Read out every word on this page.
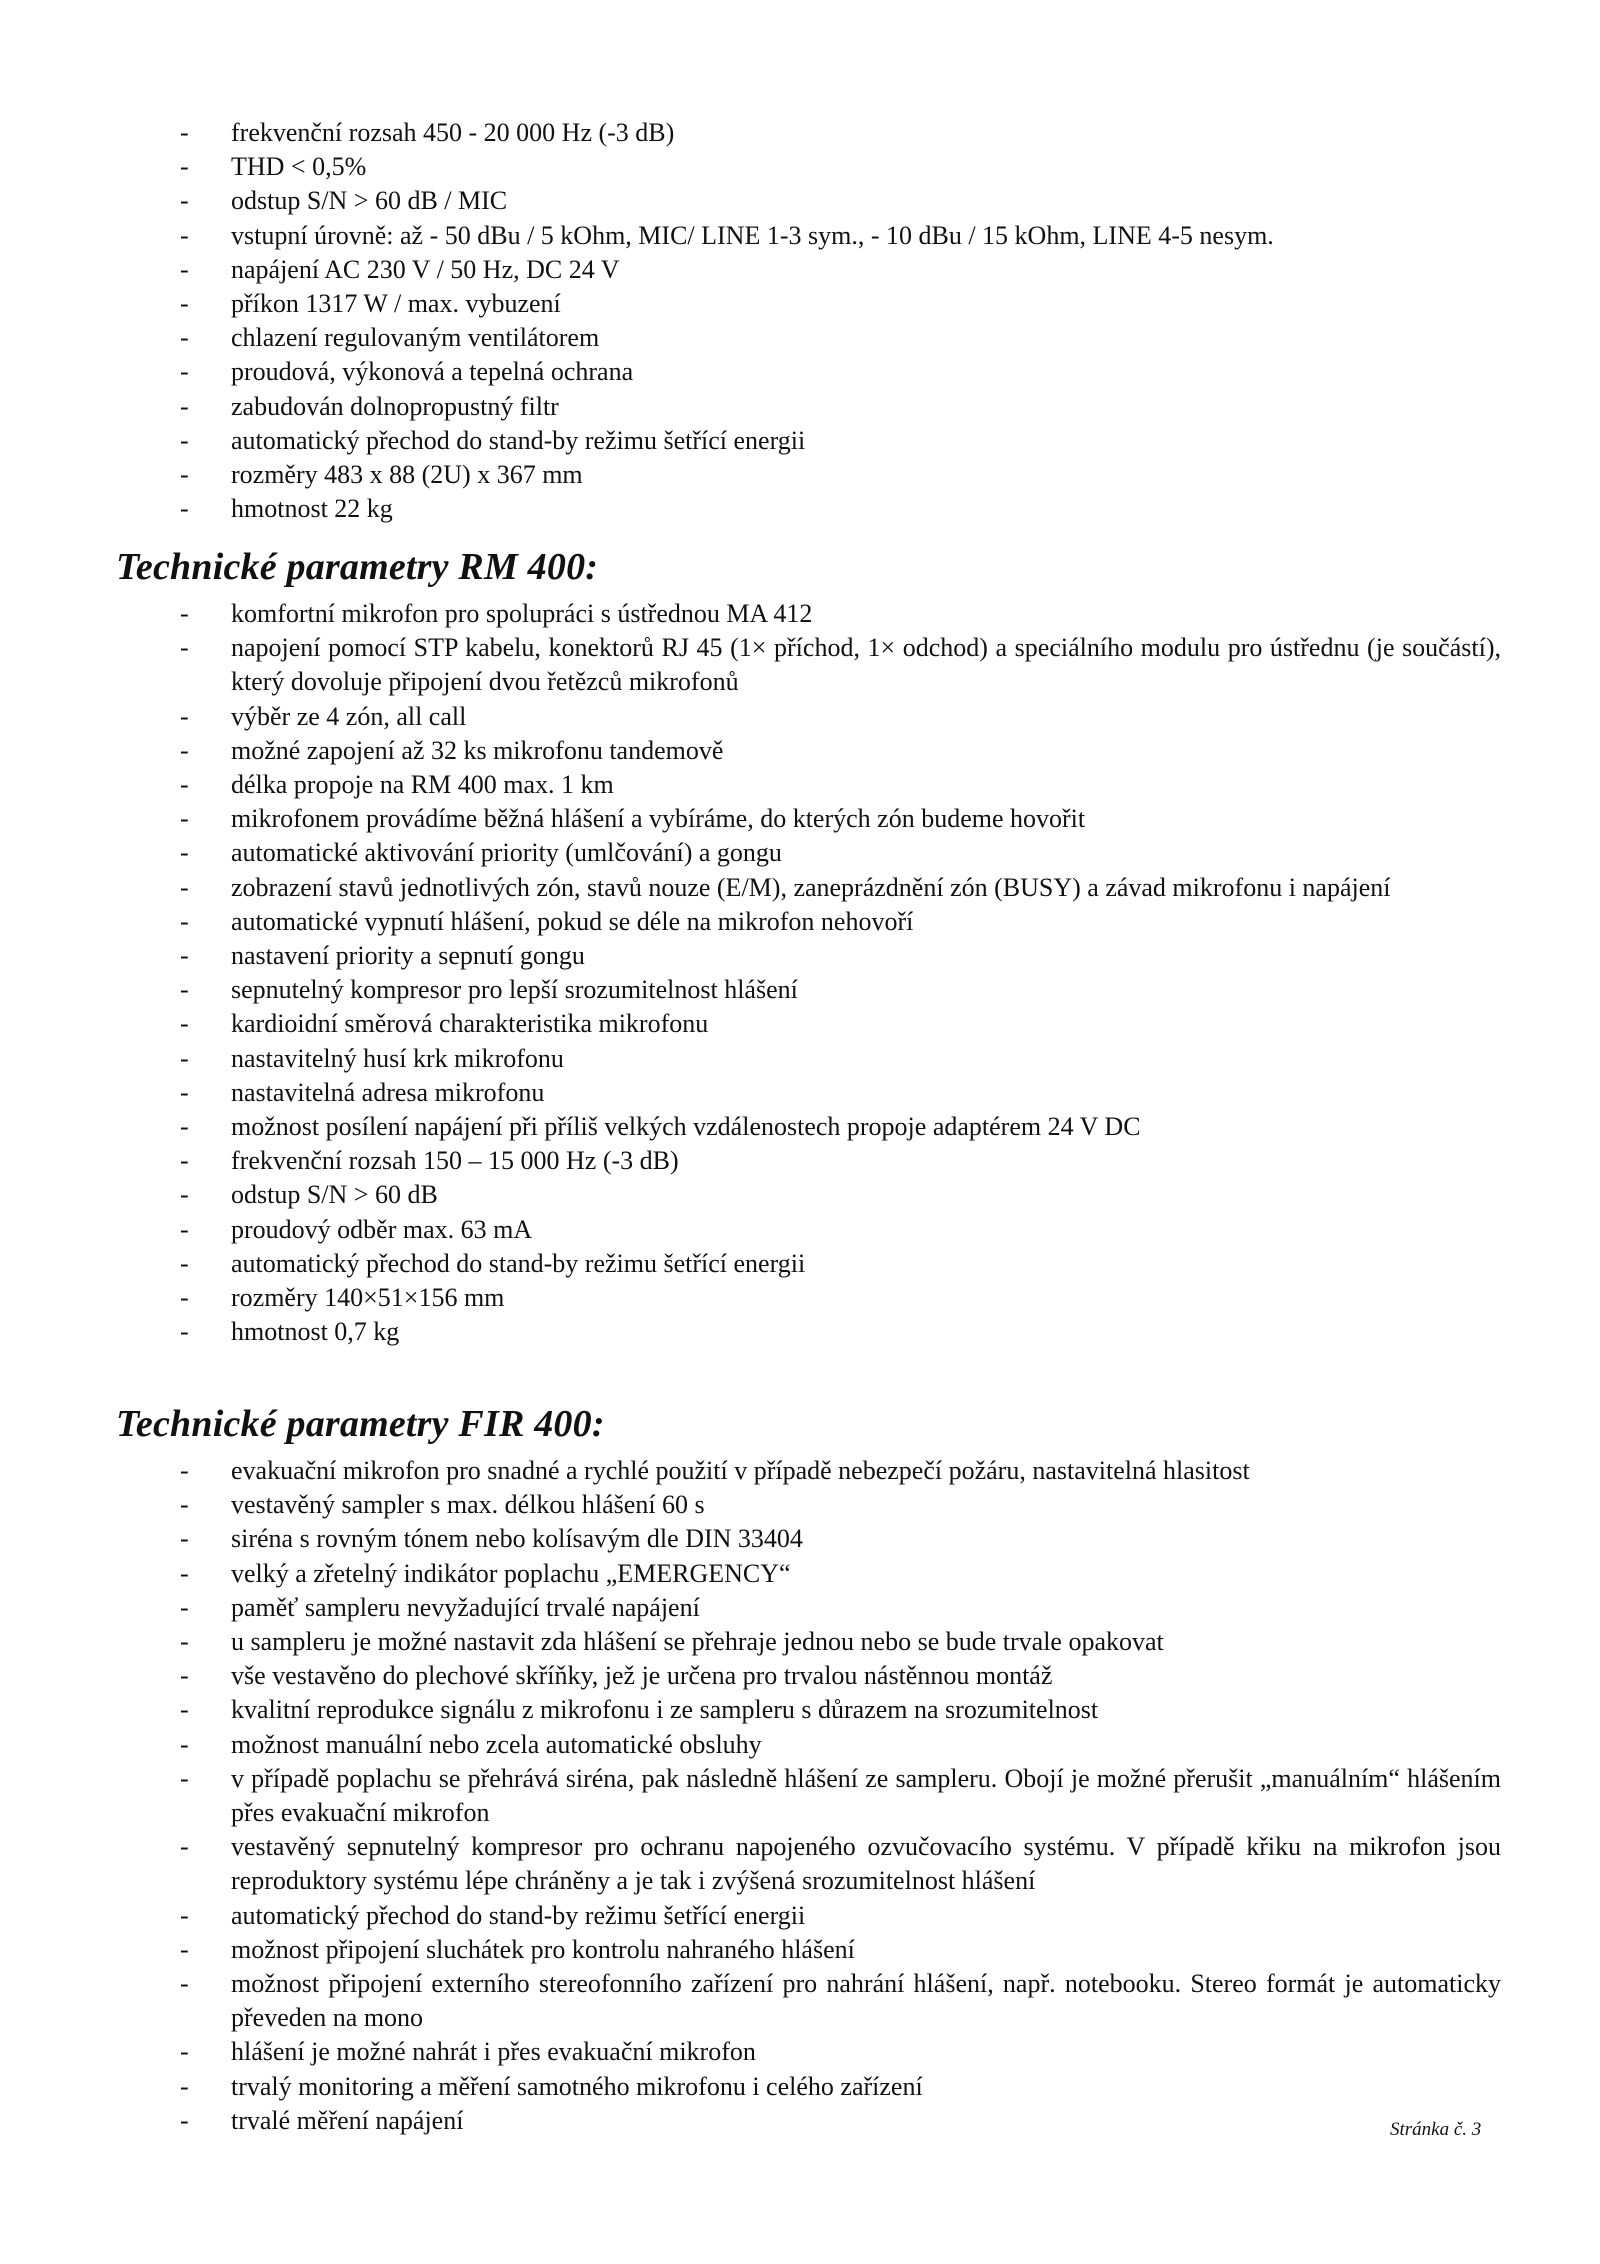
- frekvenční rozsah 450 - 20 000 Hz (-3 dB)
- THD < 0,5%
- odstup S/N > 60 dB / MIC
- vstupní úrovně: až - 50 dBu / 5 kOhm, MIC/ LINE 1-3 sym., - 10 dBu / 15 kOhm, LINE 4-5 nesym.
- napájení AC 230 V / 50 Hz, DC 24 V
- příkon 1317 W / max. vybuzení
- chlazení regulovaným ventilátorem
- proudová, výkonová a tepelná ochrana
- zabudován dolnopropustný filtr
- automatický přechod do stand-by režimu šetřící energii
- rozměry 483 x 88 (2U) x 367 mm
- hmotnost 22 kg
Technické parametry RM 400:
- komfortní mikrofon pro spolupráci s ústřednou MA 412
- napojení pomocí STP kabelu, konektorů RJ 45 (1× příchod, 1× odchod) a speciálního modulu pro ústřednu (je součástí), který dovoluje připojení dvou řetězců mikrofonů
- výběr ze 4 zón, all call
- možné zapojení až 32 ks mikrofonu tandemově
- délka propoje na RM 400 max. 1 km
- mikrofonem provádíme běžná hlášení a vybíráme, do kterých zón budeme hovořit
- automatické aktivování priority (umlčování) a gongu
- zobrazení stavů jednotlivých zón, stavů nouze (E/M), zaneprázdnění zón (BUSY) a závad mikrofonu i napájení
- automatické vypnutí hlášení, pokud se déle na mikrofon nehovoří
- nastavení priority a sepnutí gongu
- sepnutelný kompresor pro lepší srozumitelnost hlášení
- kardioidní směrová charakteristika mikrofonu
- nastavitelný husí krk mikrofonu
- nastavitelná adresa mikrofonu
- možnost posílení napájení při příliš velkých vzdálenostech propoje adaptérem 24 V DC
- frekvenční rozsah 150 – 15 000 Hz (-3 dB)
- odstup S/N > 60 dB
- proudový odběr max. 63 mA
- automatický přechod do stand-by režimu šetřící energii
- rozměry 140×51×156 mm
- hmotnost 0,7 kg
Technické parametry FIR 400:
- evakuační mikrofon pro snadné a rychlé použití v případě nebezpečí požáru, nastavitelná hlasitost
- vestavěný sampler s max. délkou hlášení 60 s
- siréna s rovným tónem nebo kolísavým dle DIN 33404
- velký a zřetelný indikátor poplachu „EMERGENCY“
- paměť sampleru nevyžadující trvalé napájení
- u sampleru je možné nastavit zda hlášení se přehraje jednou nebo se bude trvale opakovat
- vše vestavěno do plechové skříňky, jež je určena pro trvalou nástěnnou montáž
- kvalitní reprodukce signálu z mikrofonu i ze sampleru s důrazem na srozumitelnost
- možnost manuální nebo zcela automatické obsluhy
- v případě poplachu se přehrává siréna, pak následně hlášení ze sampleru. Obojí je možné přerušit „manuálním“ hlášením přes evakuační mikrofon
- vestavěný sepnutelný kompresor pro ochranu napojeného ozvučovacího systému. V případě křiku na mikrofon jsou reproduktory systému lépe chráněny a je tak i zvýšená srozumitelnost hlášení
- automatický přechod do stand-by režimu šetřící energii
- možnost připojení sluchátek pro kontrolu nahraného hlášení
- možnost připojení externího stereofonního zařízení pro nahrání hlášení, např. notebooku. Stereo formát je automaticky převeden na mono
- hlášení je možné nahrát i přes evakuační mikrofon
- trvalý monitoring a měření samotného mikrofonu i celého zařízení
- trvalé měření napájení	Stránka č. 3
